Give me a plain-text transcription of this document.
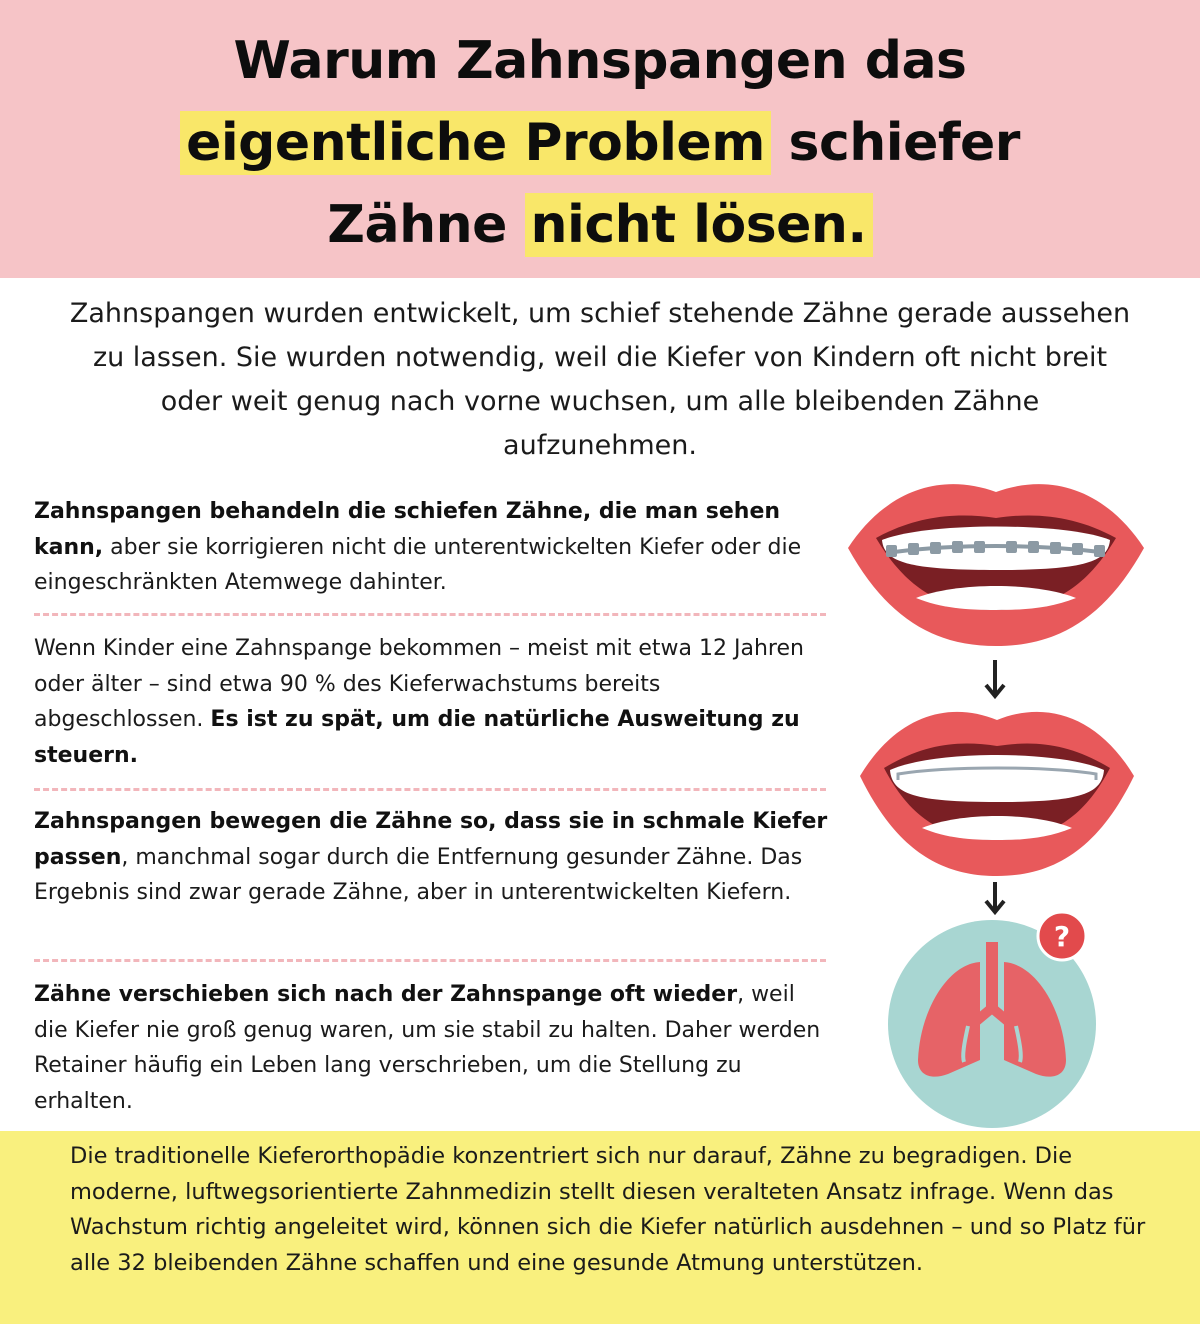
Warum Zahnspangen das
eigentliche Problem schiefer
Zähne nicht lösen.

Zahnspangen wurden entwickelt, um schief stehende Zähne gerade aussehen zu lassen. Sie wurden notwendig, weil die Kiefer von Kindern oft nicht breit oder weit genug nach vorne wuchsen, um alle bleibenden Zähne aufzunehmen.

Zahnspangen behandeln die schiefen Zähne, die man sehen kann, aber sie korrigieren nicht die unterentwickelten Kiefer oder die eingeschränkten Atemwege dahinter.

Wenn Kinder eine Zahnspange bekommen – meist mit etwa 12 Jahren oder älter – sind etwa 90 % des Kieferwachstums bereits abgeschlossen. Es ist zu spät, um die natürliche Ausweitung zu steuern.

Zahnspangen bewegen die Zähne so, dass sie in schmale Kiefer passen, manchmal sogar durch die Entfernung gesunder Zähne. Das Ergebnis sind zwar gerade Zähne, aber in unterentwickelten Kiefern.

Zähne verschieben sich nach der Zahnspange oft wieder, weil die Kiefer nie groß genug waren, um sie stabil zu halten. Daher werden Retainer häufig ein Leben lang verschrieben, um die Stellung zu erhalten.

?

Die traditionelle Kieferorthopädie konzentriert sich nur darauf, Zähne zu begradigen. Die moderne, luftwegsorientierte Zahnmedizin stellt diesen veralteten Ansatz infrage. Wenn das Wachstum richtig angeleitet wird, können sich die Kiefer natürlich ausdehnen – und so Platz für alle 32 bleibenden Zähne schaffen und eine gesunde Atmung unterstützen.
